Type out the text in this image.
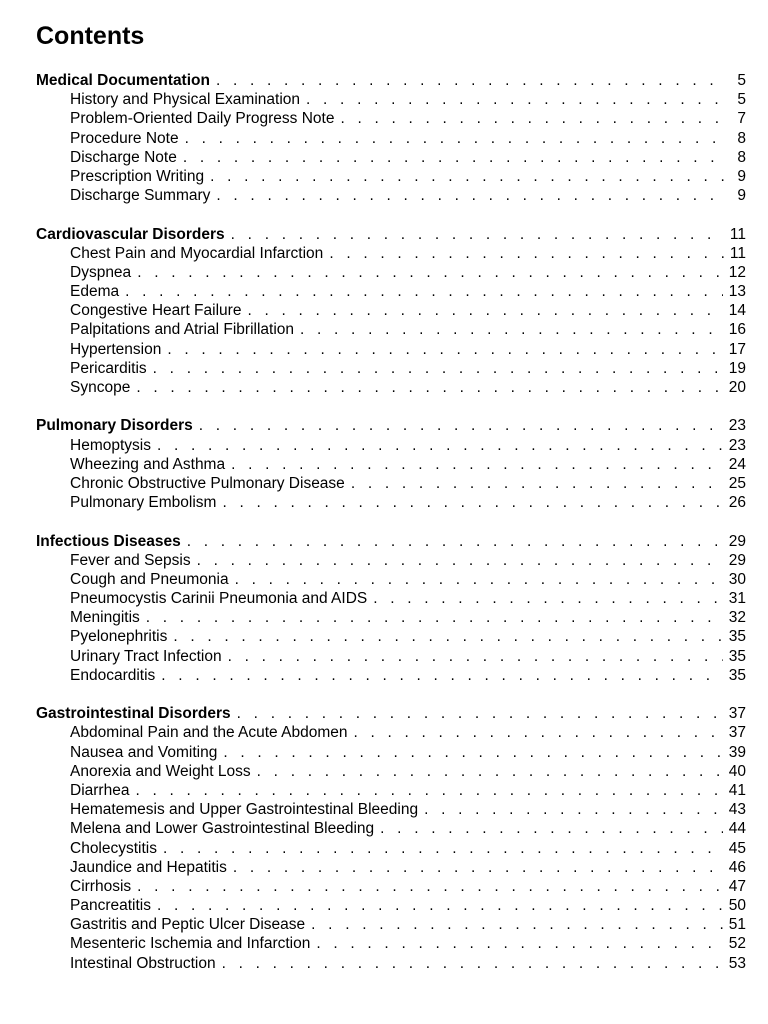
Contents
Medical Documentation . . .	5
History and Physical Examination . . .	5
Problem-Oriented Daily Progress Note . . .	7
Procedure Note . . .	8
Discharge Note . . .	8
Prescription Writing . . .	9
Discharge Summary . . .	9
Cardiovascular Disorders . . .	11
Chest Pain and Myocardial Infarction . . .	11
Dyspnea . . .	12
Edema . . .	13
Congestive Heart Failure . . .	14
Palpitations and Atrial Fibrillation . . .	16
Hypertension . . .	17
Pericarditis . . .	19
Syncope . . .	20
Pulmonary Disorders . . .	23
Hemoptysis . . .	23
Wheezing and Asthma . . .	24
Chronic Obstructive Pulmonary Disease . . .	25
Pulmonary Embolism . . .	26
Infectious Diseases . . .	29
Fever and Sepsis . . .	29
Cough and Pneumonia . . .	30
Pneumocystis Carinii Pneumonia and AIDS . . .	31
Meningitis . . .	32
Pyelonephritis . . .	35
Urinary Tract Infection . . .	35
Endocarditis . . .	35
Gastrointestinal Disorders . . .	37
Abdominal Pain and the Acute Abdomen . . .	37
Nausea and Vomiting . . .	39
Anorexia and Weight Loss . . .	40
Diarrhea . . .	41
Hematemesis and Upper Gastrointestinal Bleeding . . .	43
Melena and Lower Gastrointestinal Bleeding . . .	44
Cholecystitis . . .	45
Jaundice and Hepatitis . . .	46
Cirrhosis . . .	47
Pancreatitis . . .	50
Gastritis and Peptic Ulcer Disease . . .	51
Mesenteric Ischemia and Infarction . . .	52
Intestinal Obstruction . . .	53
